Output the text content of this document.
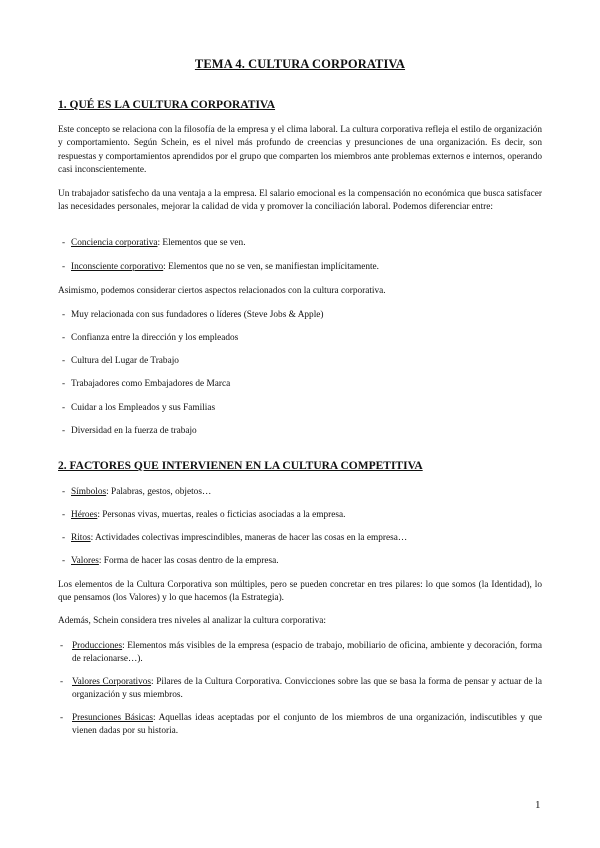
TEMA 4. CULTURA CORPORATIVA
1. QUÉ ES LA CULTURA CORPORATIVA
Este concepto se relaciona con la filosofía de la empresa y el clima laboral. La cultura corporativa refleja el estilo de organización y comportamiento. Según Schein, es el nivel más profundo de creencias y presunciones de una organización. Es decir, son respuestas y comportamientos aprendidos por el grupo que comparten los miembros ante problemas externos e internos, operando casi inconscientemente.
Un trabajador satisfecho da una ventaja a la empresa. El salario emocional es la compensación no económica que busca satisfacer las necesidades personales, mejorar la calidad de vida y promover la conciliación laboral. Podemos diferenciar entre:
- Conciencia corporativa: Elementos que se ven.
- Inconsciente corporativo: Elementos que no se ven, se manifiestan implícitamente.
Asimismo, podemos considerar ciertos aspectos relacionados con la cultura corporativa.
- Muy relacionada con sus fundadores o líderes (Steve Jobs & Apple)
- Confianza entre la dirección y los empleados
- Cultura del Lugar de Trabajo
- Trabajadores como Embajadores de Marca
- Cuidar a los Empleados y sus Familias
- Diversidad en la fuerza de trabajo
2. FACTORES QUE INTERVIENEN EN LA CULTURA COMPETITIVA
- Símbolos: Palabras, gestos, objetos…
- Héroes: Personas vivas, muertas, reales o ficticias asociadas a la empresa.
- Ritos: Actividades colectivas imprescindibles, maneras de hacer las cosas en la empresa…
- Valores: Forma de hacer las cosas dentro de la empresa.
Los elementos de la Cultura Corporativa son múltiples, pero se pueden concretar en tres pilares: lo que somos (la Identidad), lo que pensamos (los Valores) y lo que hacemos (la Estrategia).
Además, Schein considera tres niveles al analizar la cultura corporativa:
- Producciones: Elementos más visibles de la empresa (espacio de trabajo, mobiliario de oficina, ambiente y decoración, forma de relacionarse…).
- Valores Corporativos: Pilares de la Cultura Corporativa. Convicciones sobre las que se basa la forma de pensar y actuar de la organización y sus miembros.
- Presunciones Básicas: Aquellas ideas aceptadas por el conjunto de los miembros de una organización, indiscutibles y que vienen dadas por su historia.
1
